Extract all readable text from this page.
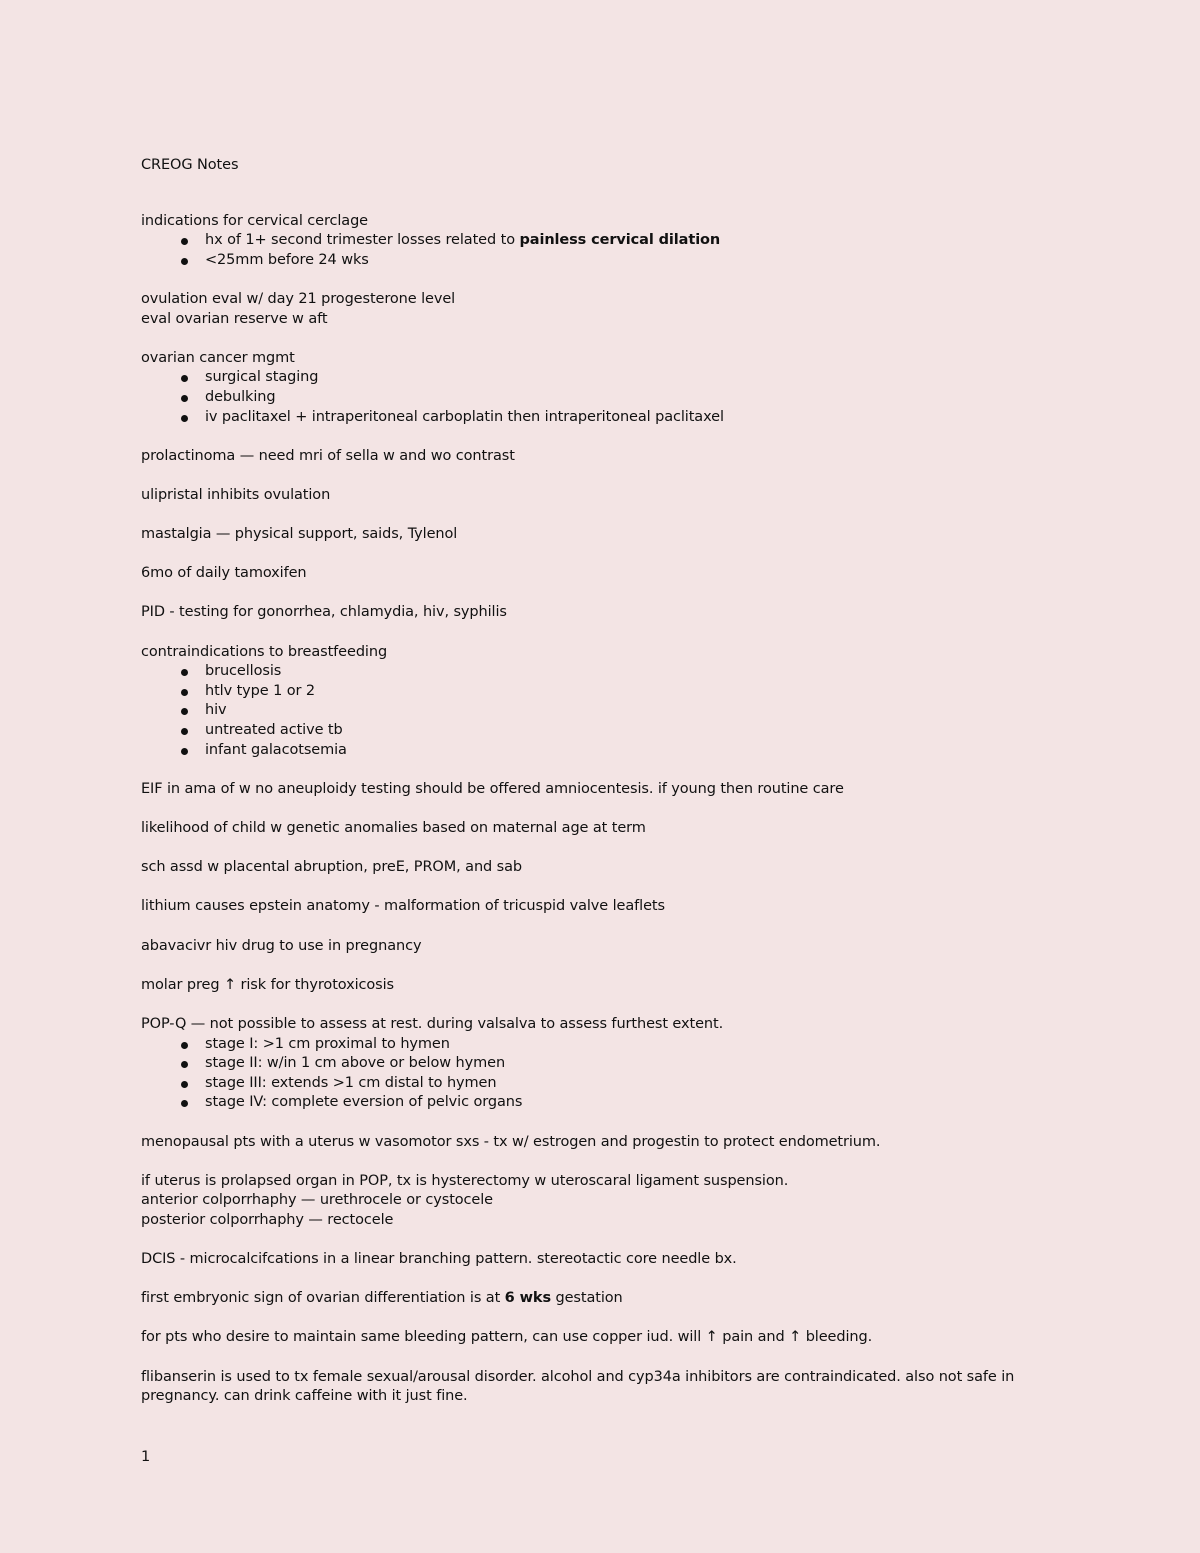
CREOG Notes
indications for cervical cerclage
hx of 1+ second trimester losses related to painless cervical dilation
<25mm before 24 wks
ovulation eval w/ day 21 progesterone level
eval ovarian reserve w aft
ovarian cancer mgmt
surgical staging
debulking
iv paclitaxel + intraperitoneal carboplatin then intraperitoneal paclitaxel
prolactinoma — need mri of sella w and wo contrast
ulipristal inhibits ovulation
mastalgia — physical support, saids, Tylenol
6mo of daily tamoxifen
PID - testing for gonorrhea, chlamydia, hiv, syphilis
contraindications to breastfeeding
brucellosis
htlv type 1 or 2
hiv
untreated active tb
infant galacotsemia
EIF in ama of w no aneuploidy testing should be offered amniocentesis. if young then routine care
likelihood of child w genetic anomalies based on maternal age at term
sch assd w placental abruption, preE, PROM, and sab
lithium causes epstein anatomy - malformation of tricuspid valve leaflets
abavacivr hiv drug to use in pregnancy
molar preg ↑ risk for thyrotoxicosis
POP-Q — not possible to assess at rest. during valsalva to assess furthest extent.
stage I: >1 cm proximal to hymen
stage II: w/in 1 cm above or below hymen
stage III: extends >1 cm distal to hymen
stage IV: complete eversion of pelvic organs
menopausal pts with a uterus w vasomotor sxs - tx w/ estrogen and progestin to protect endometrium.
if uterus is prolapsed organ in POP, tx is hysterectomy w uteroscaral ligament suspension.
anterior colporrhaphy — urethrocele or cystocele
posterior colporrhaphy — rectocele
DCIS - microcalcifcations in a linear branching pattern. stereotactic core needle bx.
first embryonic sign of ovarian differentiation is at 6 wks gestation
for pts who desire to maintain same bleeding pattern, can use copper iud. will ↑ pain and ↑ bleeding.
flibanserin is used to tx female sexual/arousal disorder. alcohol and cyp34a inhibitors are contraindicated. also not safe in pregnancy. can drink caffeine with it just fine.
1
